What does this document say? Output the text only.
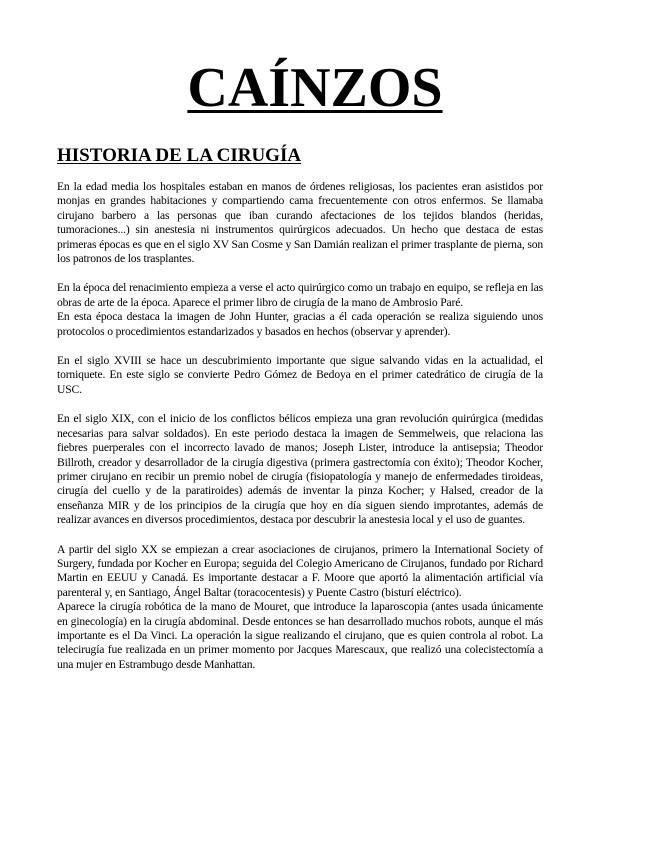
CAÍNZOS
HISTORIA DE LA CIRUGÍA

En la edad media los hospitales estaban en manos de órdenes religiosas, los pacientes eran asistidos por monjas en grandes habitaciones y compartiendo cama frecuentemente con otros enfermos. Se llamaba cirujano barbero a las personas que iban curando afectaciones de los tejidos blandos (heridas, tumoraciones...) sin anestesia ni instrumentos quirúrgicos adecuados. Un hecho que destaca de estas primeras épocas es que en el siglo XV San Cosme y San Damián realizan el primer trasplante de pierna, son los patronos de los trasplantes.

En la época del renacimiento empieza a verse el acto quirúrgico como un trabajo en equipo, se refleja en las obras de arte de la época. Aparece el primer libro de cirugía de la mano de Ambrosio Paré.

En esta época destaca la imagen de John Hunter, gracias a él cada operación se realiza siguiendo unos protocolos o procedimientos estandarizados y basados en hechos (observar y aprender).

En el siglo XVIII se hace un descubrimiento importante que sigue salvando vidas en la actualidad, el torniquete. En este siglo se convierte Pedro Gómez de Bedoya en el primer catedrático de cirugía de la USC.

En el siglo XIX, con el inicio de los conflictos bélicos empieza una gran revolución quirúrgica (medidas necesarias para salvar soldados). En este periodo destaca la imagen de Semmelweis, que relaciona las fiebres puerperales con el incorrecto lavado de manos; Joseph Lister, introduce la antisepsia; Theodor Billroth, creador y desarrollador de la cirugía digestiva (primera gastrectomía con éxito); Theodor Kocher, primer cirujano en recibir un premio nobel de cirugía (fisiopatología y manejo de enfermedades tiroideas, cirugía del cuello y de la paratiroides) además de inventar la pinza Kocher; y Halsed, creador de la enseñanza MIR y de los principios de la cirugía que hoy en día siguen siendo improtantes, además de realizar avances en diversos procedimientos, destaca por descubrir la anestesia local y el uso de guantes.

A partir del siglo XX se empiezan a crear asociaciones de cirujanos, primero la International Society of Surgery, fundada por Kocher en Europa; seguida del Colegio Americano de Cirujanos, fundado por Richard Martin en EEUU y Canadá. Es importante destacar a F. Moore que aportó la alimentación artificial vía parenteral y, en Santiago, Ángel Baltar (toracocentesis) y Puente Castro (bisturí eléctrico).

Aparece la cirugía robótica de la mano de Mouret, que introduce la laparoscopia (antes usada únicamente en ginecología) en la cirugía abdominal. Desde entonces se han desarrollado muchos robots, aunque el más importante es el Da Vinci. La operación la sigue realizando el cirujano, que es quien controla al robot. La telecirugía fue realizada en un primer momento por Jacques Marescaux, que realizó una colecistectomía a una mujer en Estrambugo desde Manhattan.
